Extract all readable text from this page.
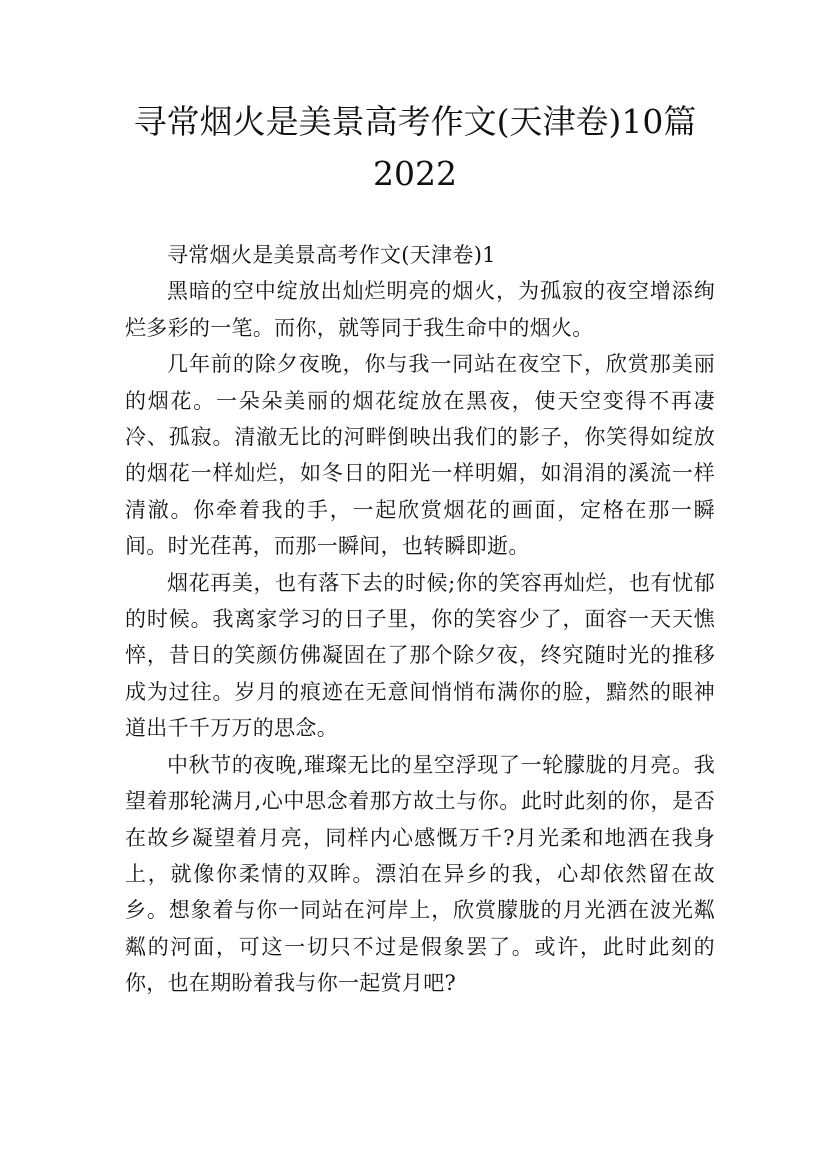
寻常烟火是美景高考作文(天津卷)10篇
2022

寻常烟火是美景高考作文(天津卷)1

黑暗的空中绽放出灿烂明亮的烟火，为孤寂的夜空增添绚烂多彩的一笔。而你，就等同于我生命中的烟火。

几年前的除夕夜晚，你与我一同站在夜空下，欣赏那美丽的烟花。一朵朵美丽的烟花绽放在黑夜，使天空变得不再凄冷、孤寂。清澈无比的河畔倒映出我们的影子，你笑得如绽放的烟花一样灿烂，如冬日的阳光一样明媚，如涓涓的溪流一样清澈。你牵着我的手，一起欣赏烟花的画面，定格在那一瞬间。时光荏苒，而那一瞬间，也转瞬即逝。

烟花再美，也有落下去的时候;你的笑容再灿烂，也有忧郁的时候。我离家学习的日子里，你的笑容少了，面容一天天憔悴，昔日的笑颜仿佛凝固在了那个除夕夜，终究随时光的推移成为过往。岁月的痕迹在无意间悄悄布满你的脸，黯然的眼神道出千千万万的思念。

中秋节的夜晚,璀璨无比的星空浮现了一轮朦胧的月亮。我望着那轮满月,心中思念着那方故土与你。此时此刻的你，是否在故乡凝望着月亮，同样内心感慨万千?月光柔和地洒在我身上，就像你柔情的双眸。漂泊在异乡的我，心却依然留在故乡。想象着与你一同站在河岸上，欣赏朦胧的月光洒在波光粼粼的河面，可这一切只不过是假象罢了。或许，此时此刻的你，也在期盼着我与你一起赏月吧?
